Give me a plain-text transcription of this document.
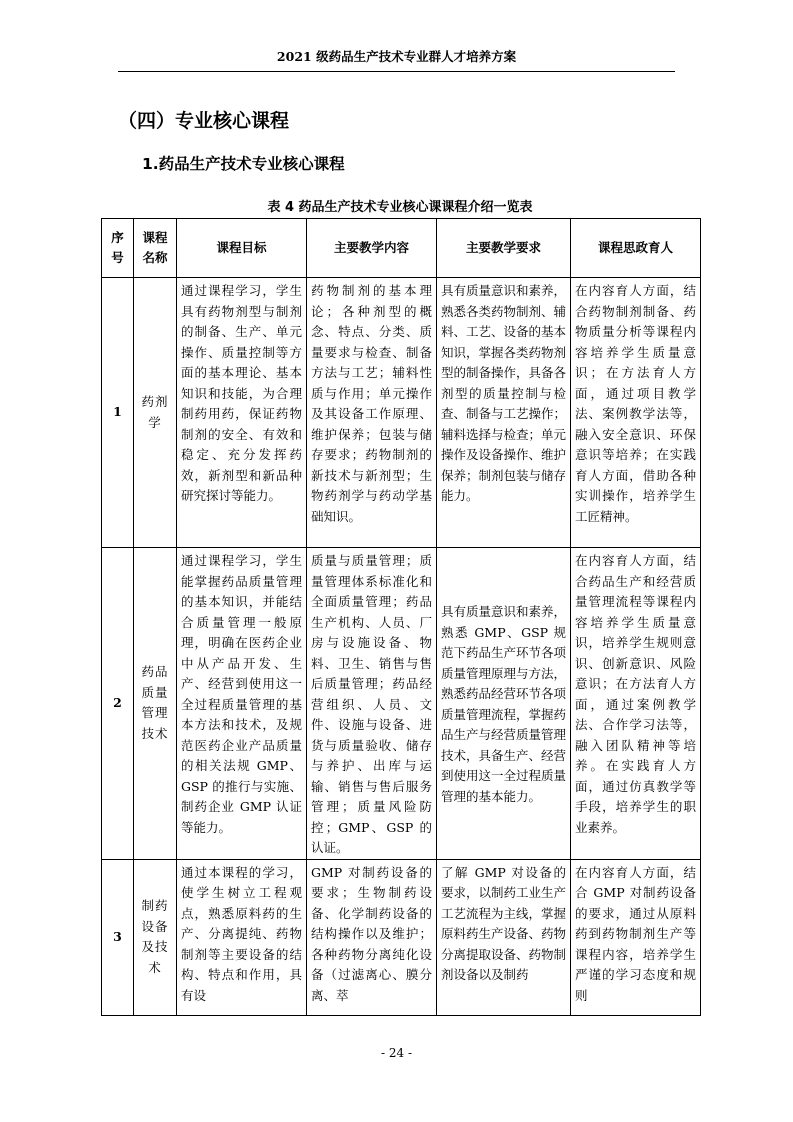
2021 级药品生产技术专业群人才培养方案
（四）专业核心课程
1.药品生产技术专业核心课程
表 4 药品生产技术专业核心课课程介绍一览表
序号	课程名称	课程目标	主要教学内容	主要教学要求	课程思政育人
1	药剂学	通过课程学习，学生具有药物剂型与制剂的制备、生产、单元操作、质量控制等方面的基本理论、基本知识和技能，为合理制药用药，保证药物制剂的安全、有效和稳定、充分发挥药效，新剂型和新品种研究探讨等能力。	药物制剂的基本理论；各种剂型的概念、特点、分类、质量要求与检查、制备方法与工艺；辅料性质与作用；单元操作及其设备工作原理、维护保养；包装与储存要求；药物制剂的新技术与新剂型；生物药剂学与药动学基础知识。	具有质量意识和素养，熟悉各类药物制剂、辅料、工艺、设备的基本知识，掌握各类药物剂型的制备操作，具备各剂型的质量控制与检查、制备与工艺操作；辅料选择与检查；单元操作及设备操作、维护保养；制剂包装与储存能力。	在内容育人方面，结合药物制剂制备、药物质量分析等课程内容培养学生质量意识；在方法育人方面，通过项目教学法、案例教学法等，融入安全意识、环保意识等培养；在实践育人方面，借助各种实训操作，培养学生工匠精神。
2	药品质量管理技术	通过课程学习，学生能掌握药品质量管理的基本知识，并能结合质量管理一般原理，明确在医药企业中从产品开发、生产、经营到使用这一全过程质量管理的基本方法和技术，及规范医药企业产品质量的相关法规 GMP、GSP 的推行与实施、制药企业 GMP 认证等能力。	质量与质量管理；质量管理体系标准化和全面质量管理；药品生产机构、人员、厂房与设施设备、物料、卫生、销售与售后质量管理；药品经营组织、人员、文件、设施与设备、进货与质量验收、储存与养护、出库与运输、销售与售后服务管理；质量风险防控；GMP、GSP 的认证。	具有质量意识和素养，熟悉 GMP、GSP 规范下药品生产环节各项质量管理原理与方法，熟悉药品经营环节各项质量管理流程，掌握药品生产与经营质量管理技术，具备生产、经营到使用这一全过程质量管理的基本能力。	在内容育人方面，结合药品生产和经营质量管理流程等课程内容培养学生质量意识，培养学生规则意识、创新意识、风险意识；在方法育人方面，通过案例教学法、合作学习法等，融入团队精神等培养。在实践育人方面，通过仿真教学等手段，培养学生的职业素养。
3	制药设备及技术	通过本课程的学习，使学生树立工程观点，熟悉原料药的生产、分离提纯、药物制剂等主要设备的结构、特点和作用，具有设	GMP 对制药设备的要求；生物制药设备、化学制药设备的结构操作以及维护；各种药物分离纯化设备（过滤离心、膜分离、萃	了解 GMP 对设备的要求，以制药工业生产工艺流程为主线，掌握原料药生产设备、药物分离提取设备、药物制剂设备以及制药	在内容育人方面，结合 GMP 对制药设备的要求，通过从原料药到药物制剂生产等课程内容，培养学生严谨的学习态度和规则
- 24 -
